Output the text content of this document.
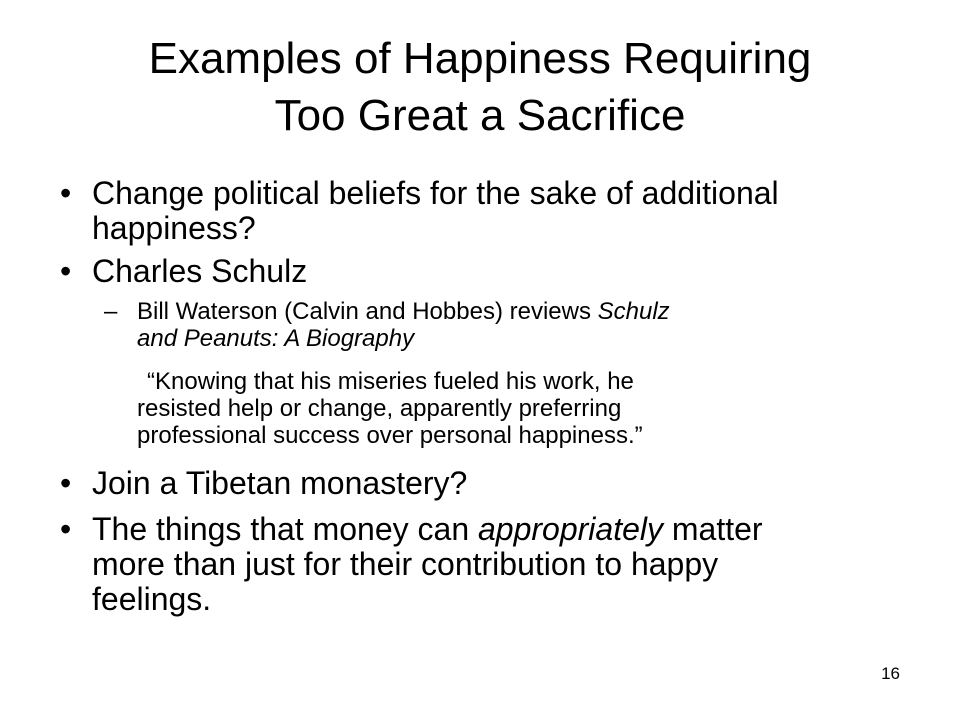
Examples of Happiness Requiring
Too Great a Sacrifice
• Change political beliefs for the sake of additional
happiness?
• Charles Schulz
– Bill Waterson (Calvin and Hobbes) reviews Schulz
and Peanuts: A Biography
“Knowing that his miseries fueled his work, he
resisted help or change, apparently preferring
professional success over personal happiness.”
• Join a Tibetan monastery?
• The things that money can appropriately matter
more than just for their contribution to happy
feelings.
16
